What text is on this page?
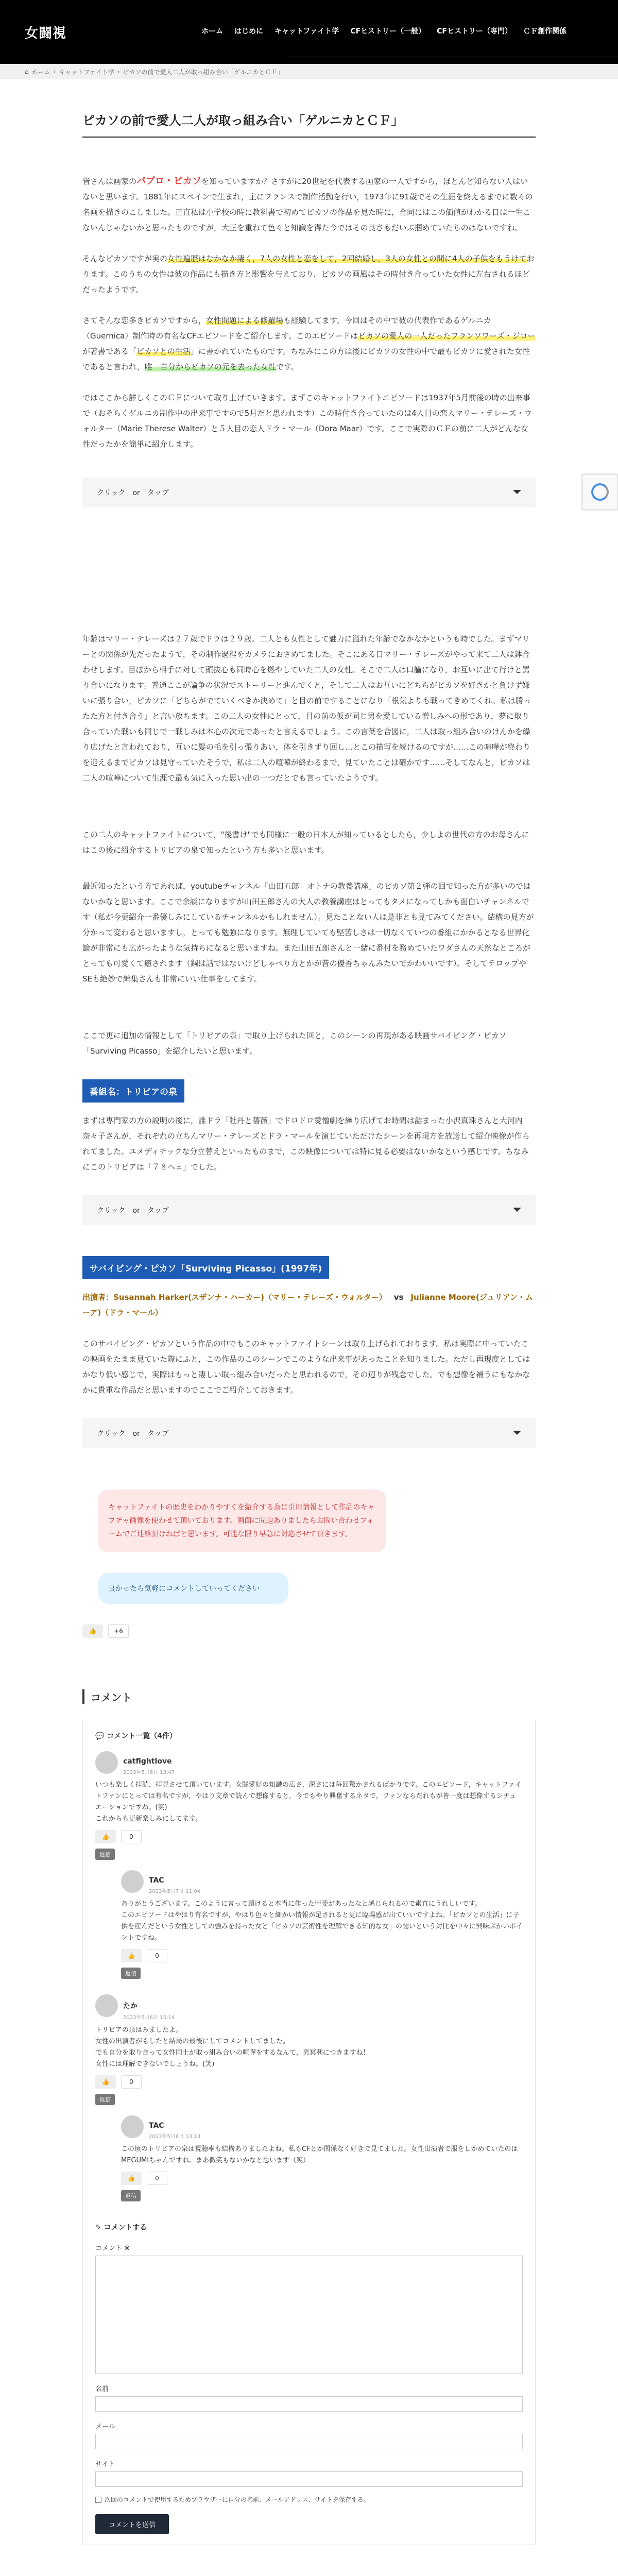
女闘視	ホーム はじめに キャットファイト学 CFヒストリー（一般） CFヒストリー（専門） ＣＦ創作関係
⌂ ホーム › キャットファイト学 › ピカソの前で愛人二人が取っ組み合い「ゲルニカとＣＦ」
ピカソの前で愛人二人が取っ組み合い「ゲルニカとＣＦ」

皆さんは画家のパブロ・ピカソを知っていますか？さすがに20世紀を代表する画家の一人ですから，ほとんど知らない人はいないと思います。1881年にスペインで生まれ，主にフランスで制作活動を行い，1973年に91歳でその生涯を終えるまでに数々の名画を描きのこしました。正直私は小学校の時に教科書で初めてピカソの作品を見た時に，合同にはこの価値がわかる日は一生こないんじゃないかと思ったものですが，大正を重ねて色々と知識を得た今ではその良さもだいぶ掴めていたちのはないですね。

そんなピカソですが実の女性遍歴はなかなか凄く，7人の女性と恋をして，2回結婚し，3人の女性との間に4人の子供をもうけております。このうちの女性は彼の作品にも描き方と影響を与えており，ピカソの画風はその時付き合っていた女性に左右されるほどだったようです。

さてそんな恋多きピカソですから，女性問題による修羅場も経験してます。今回はその中で彼の代表作であるゲルニカ（Guernica）制作時の有名なCFエピソードをご紹介します。このエピソードはピカソの愛人の一人だったフランソワーズ・ジローが著書である「ピカソとの生活」に書かれていたものです。ちなみにこの方は後にピカソの女性の中で最もピカソに愛された女性であると言われ，唯一自分からピカソの元を去った女性です。

ではここから詳しくこのＣＦについて取り上げていきます。まずこのキャットファイトエピソードは1937年5月前後の時の出来事で（おそらくゲルニカ制作中の出来事ですので5月だと思われます）この時付き合っていたのは4人目の恋人マリー・テレーズ・ウォルター（Marie Therese Walter）と５人目の恋人ドラ・マール（Dora Maar）です。ここで実際のＣＦの前に二人がどんな女性だったかを簡単に紹介します。

クリック　or　タップ

年齢はマリー・テレーズは２７歳でドラは２９歳。二人とも女性として魅力に溢れた年齢でなかなかというも時でした。まずマリーとの関係が先だったようで，その制作過程をカメラにおさめてました。そこにある日マリー・テレーズがやって来て二人は鉢合わせします。目ぼから相手に対して頭抜心も同時心を燃やしていた二人の女性。そこで二人は口論になり，お互いに出て行けと罵り合いになります。普通ここが論争の状況でストーリーと進んでくと，そして二人はお互いにどちらがピカソを好きかと負けず嫌いに張り合い，ピカソに「どちらがでていくべきか決めて」と目の前ですることになり「根気よりも戦ってきめてくれ。私は勝ったた方と付き合う」と言い放ちます。この二人の女性にとって，目の前の仮が同じ男を愛している憎しみへの形であり，夢に取り合っていた戦いも同じで一戦しみは本心の次元であったと言えるでしょう。この言葉を合図に，二人は取っ組み合いのけんかを繰り広げたと言われており，互いに髪の毛を引っ張りあい，体を引きずり回し…とこの描写を続けるのですが……この喧嘩が終わりを迎えるまでピカソは見守っていたそうで，私は二人の喧嘩が終わるまで，見ていたことは確かです……そしてなんと，ピカソは二人の喧嘩について生涯で最も気に入った思い出の一つだとでも言っていたようです。

この二人のキャットファイトについて，"後書け"でも同様に一般の日本人が知っているとしたら，少しよの世代の方のお母さんにはこの後に紹介するトリビアの泉で知ったという方も多いと思います。

最近知ったという方であれば，youtubeチャンネル「山田五郎　オトナの教養講座」のピカソ第２弾の回で知った方が多いのではないかなと思います。ここで余談になりますが山田五郎さんの大人の教養講座はとってもタメになってしかも面白いチャンネルです（私が今更紹介一番優しみにしているチャンネルかもしれません）。見たことない人は是非とも見てみてください。結構の見方が分かって変わると思いますし，とっても勉強になります。無理していても堅苦しさは一切なくていつの番組にかかるとなる世界化論が非常にも広がったような気持ちになると思いますね。また山田五郎さんと一緒に番付を務めていたワダさんの天然なところがとっても可愛くて癒されます（鋼は話ではないけどしゃべり方とかが昔の優香ちゃんみたいでかわいいです）。そしてテロップやSEも絶妙で編集さんも非常にいい仕事をしてます。

ここで更に追加の情報として「トリビアの泉」で取り上げられた回と，このシーンの再現がある映画サバイビング・ピカソ「Surviving Picasso」を紹介したいと思います。

番組名：トリビアの泉

まずは専門家の方の説明の後に，誰ドラ「牡丹と薔薇」でドロドロ愛憎劇を繰り広げてお時間は詰まった小沢真珠さんと大河内奈々子さんが，それぞれの立ちんマリー・テレーズとドラ・マールを演じていただけたシーンを再現方を放送して紹介映像が作られてました。ユメディチックな分立替えといったものまで，この映像については特に見る必要はないかなという感じです。ちなみにこのトリビアは「７８ヘェ」でした。

クリック　or　タップ
サバイビング・ピカソ「Surviving Picasso」(1997年)

出演者：Susannah Harker(スザンナ・ハーカー)（マリー・テレーズ・ウォルター） vs Julianne Moore(ジュリアン・ムーア)（ドラ・マール）

このサバイビング・ピカソという作品の中でもこのキャットファイトシーンは取り上げられております。私は実際に中っていたこの映画をたまま見ていた際にふと，この作品のこのシーンでこのような出来事があったことを知りました。ただし再現度としてはかなり低い感じで，実際はもっと凄しい取っ組み合いだったと思われるので，その辺りが残念でした。でも想像を補うにもなかなかに貴重な作品だと思いますのでここでご紹介しておきます。

クリック　or　タップ
キャットファイトの歴史をわかりやすくを紹介する為に引用情報として作品のキャプチャ画像を使わせて頂いております。画面に問題ありましたらお問い合わせフォームでご連絡頂ければと思います。可能な限り早急に対応させて頂きます。
良かったら気軽にコメントしていってください
👍	+6
コメント
💬 コメント一覧（4件）
catfightlove
2023年5月6日 13:47
いつも楽しく拝読，拝見させて頂いています。女闘愛好の知識の広さ，深さには毎回驚かされるばかりです。このエピソード，キャットファイトファンにとっては有名ですが，やはり文章で読んで想像すると，今でもやり興奮するネタで，ファンならだれもが皆一度は想像するシチュエーションですね。(笑)
これからも更新楽しみにしてます。
👍	0
返信
TAC
2023年5月7日 11:04
ありがとうございます。このように言って頂けると本当に作った甲斐があったなと感じられるので素直にうれしいです。
このエピソードはやはり有名ですが，やはり色々と細かい情報が足されると更に臨場感が出ていいですよね。「ピカソとの生活」に子供を産んだという女性としての強みを持った女と「ピカソの芸術性を理解できる知的な女」の闘いという対比を中々に興味ぶかいポイントですね。
👍	0
返信
たか
2023年5月6日 15:14
トリビアの泉はみましたよ。
女性の出演者がもしたと結局の最後にしてコメントしてました。
でも自分を取り合って女性同士が取っ組み合いの喧嘩をするなんて，男冥利につきますね！
女性には理解できないでしょうね。(笑)
👍	0
返信
TAC
2023年5月6日 13:13
この頃のトリビアの泉は視聴率も結構ありましたよね。私もCFとか関係なく好きで見てました。女性出演者で服をしかめていたのはMEGUMIちゃんですね。まあ微笑もないかなと思います（笑）
👍	0
返信
✎ コメントする
コメント ※
名前
メール
サイト
次回のコメントで使用するためブラウザーに自分の名前、メールアドレス、サイトを保存する。
コメントを送信
